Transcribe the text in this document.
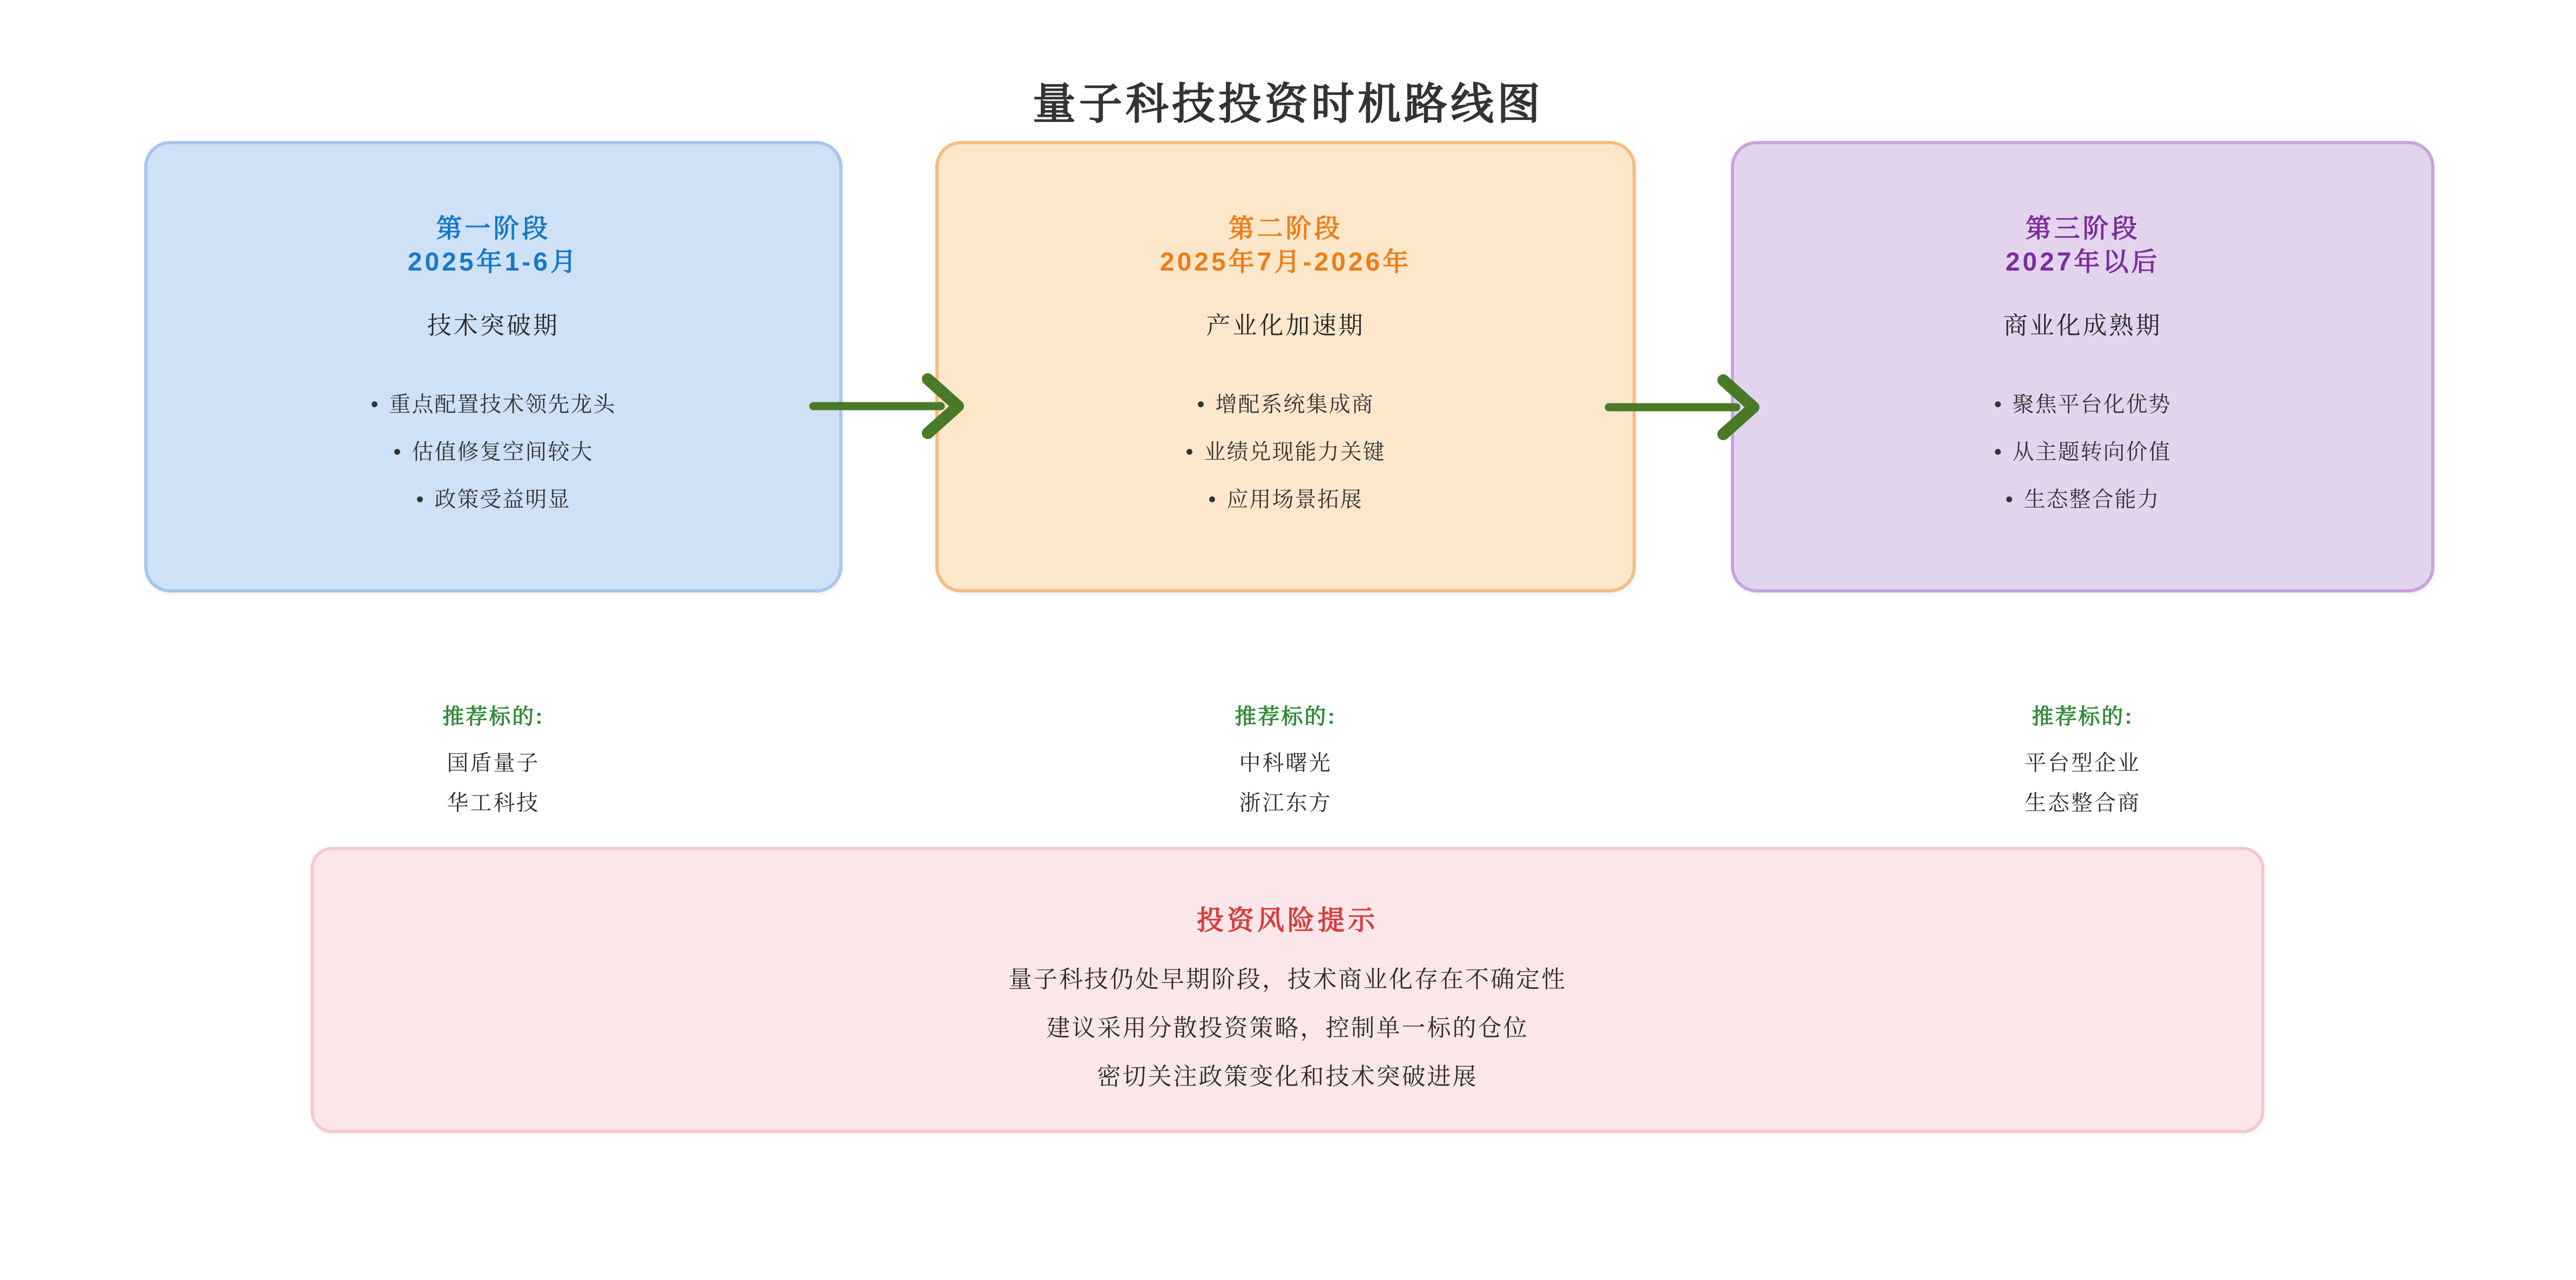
量子科技投资时机路线图
第一阶段
2025年1-6月
技术突破期
• 重点配置技术领先龙头
• 估值修复空间较大
• 政策受益明显
第二阶段
2025年7月-2026年
产业化加速期
• 增配系统集成商
• 业绩兑现能力关键
• 应用场景拓展
第三阶段
2027年以后
商业化成熟期
• 聚焦平台化优势
• 从主题转向价值
• 生态整合能力
推荐标的:
国盾量子
华工科技
推荐标的:
中科曙光
浙江东方
推荐标的:
平台型企业
生态整合商
投资风险提示
量子科技仍处早期阶段，技术商业化存在不确定性
建议采用分散投资策略，控制单一标的仓位
密切关注政策变化和技术突破进展
